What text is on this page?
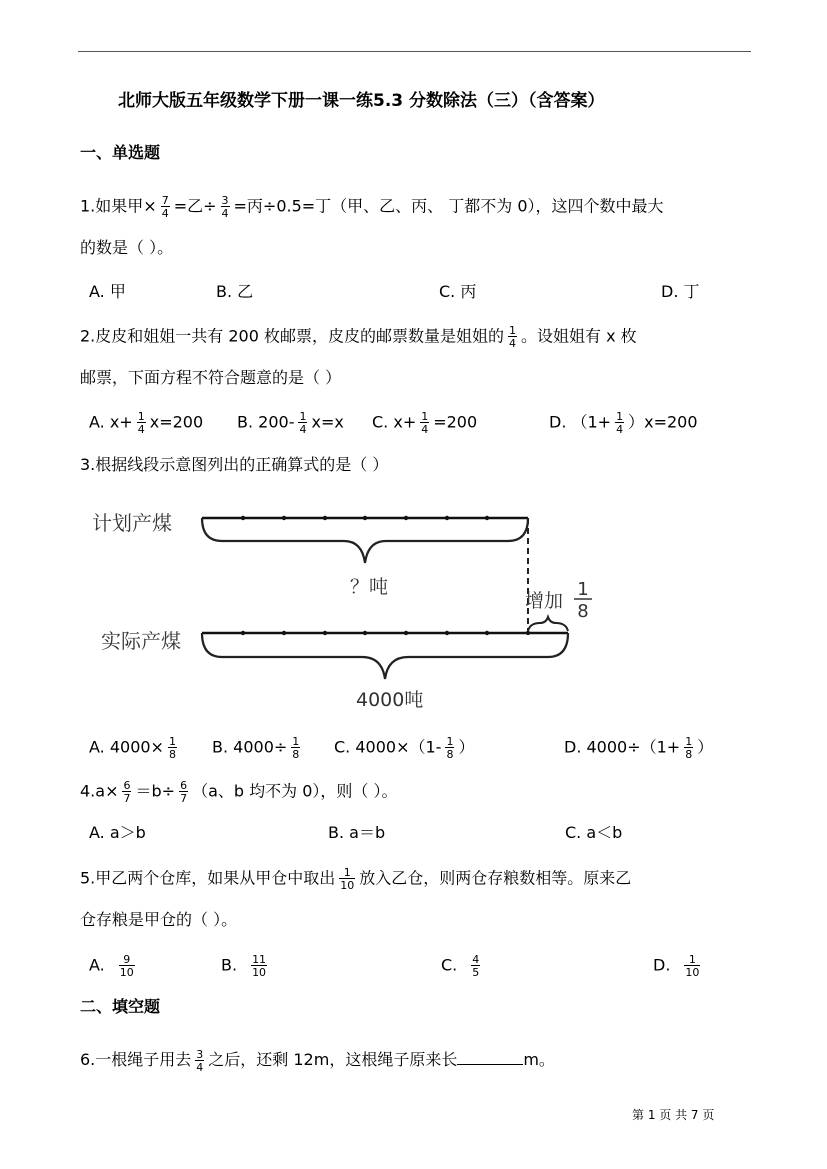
北师大版五年级数学下册一课一练5.3 分数除法（三）（含答案）
一、单选题
1.如果甲× $\frac{7}{4}$ =乙÷ $\frac{3}{4}$ =丙÷0.5=丁（甲、乙、丙、 丁都不为 0），这四个数中最大
的数是（ ）。
A. 甲	B. 乙	C. 丙	D. 丁
2.皮皮和姐姐一共有 200 枚邮票，皮皮的邮票数量是姐姐的 $\frac{1}{4}$ 。设姐姐有 x 枚
邮票，下面方程不符合题意的是（ ）
A. $x+ \frac{1}{4} x=200$ B. $200- \frac{1}{4} x=x$ C. $x+ \frac{1}{4} =200$	D. $(1+ \frac{1}{4} )x=200$
3.根据线段示意图列出的正确算式的是（ ）
计划产煤
？吨
增加
1
8
实际产煤
4000吨
A. $4000\times \frac{1}{8} B$. $4000\div \frac{1}{8} C$. $4000\times(1- \frac{1}{8}$ ）	D. $4000\div(1+ \frac{1}{8}$ ）
$4.a\times \frac{6}{7} =b\div \frac{6}{7} (a$、b 均不为 0），则（ ）。
A. a＞b	B. a＝b	C. a＜b
5.甲乙两个仓库，如果从甲仓中取出 $\frac{1}{10}$ 放入乙仓，则两仓存粮数相等。原来乙
仓存粮是甲仓的（ ）。
A. $\frac{9}{10}$	B. $\frac{11}{10}$	C. $\frac{4}{5}$	D. $\frac{1}{10}$
二、填空题
6.一根绳子用去 $\frac{3}{4}$ 之后，还剩 12m，这根绳子原来长	m。
第 1 页 共 7 页
